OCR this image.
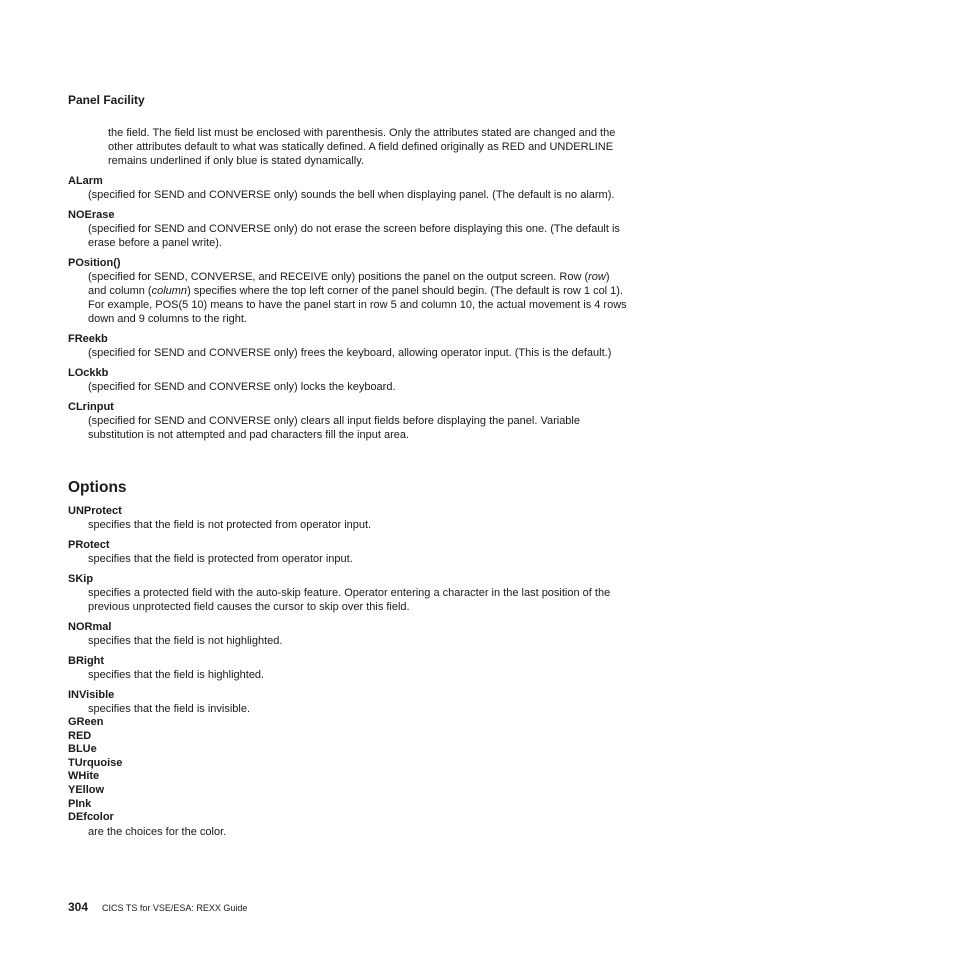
Panel Facility

the field. The field list must be enclosed with parenthesis. Only the attributes stated are changed and the other attributes default to what was statically defined. A field defined originally as RED and UNDERLINE remains underlined if only blue is stated dynamically.

ALarm

(specified for SEND and CONVERSE only) sounds the bell when displaying panel. (The default is no alarm).

NOErase

(specified for SEND and CONVERSE only) do not erase the screen before displaying this one. (The default is erase before a panel write).

POsition()

(specified for SEND, CONVERSE, and RECEIVE only) positions the panel on the output screen. Row (row) and column (column) specifies where the top left corner of the panel should begin. (The default is row 1 col 1). For example, POS(5 10) means to have the panel start in row 5 and column 10, the actual movement is 4 rows down and 9 columns to the right.

FReekb

(specified for SEND and CONVERSE only) frees the keyboard, allowing operator input. (This is the default.)

LOckkb

(specified for SEND and CONVERSE only) locks the keyboard.

CLrinput

(specified for SEND and CONVERSE only) clears all input fields before displaying the panel. Variable substitution is not attempted and pad characters fill the input area.

Options

UNProtect

specifies that the field is not protected from operator input.

PRotect

specifies that the field is protected from operator input.

SKip

specifies a protected field with the auto-skip feature. Operator entering a character in the last position of the previous unprotected field causes the cursor to skip over this field.

NORmal

specifies that the field is not highlighted.

BRight

specifies that the field is highlighted.

INVisible

specifies that the field is invisible.

GReen

RED

BLUe

TUrquoise

WHite

YEllow

PInk

DEfcolor

are the choices for the color.

304 CICS TS for VSE/ESA: REXX Guide
